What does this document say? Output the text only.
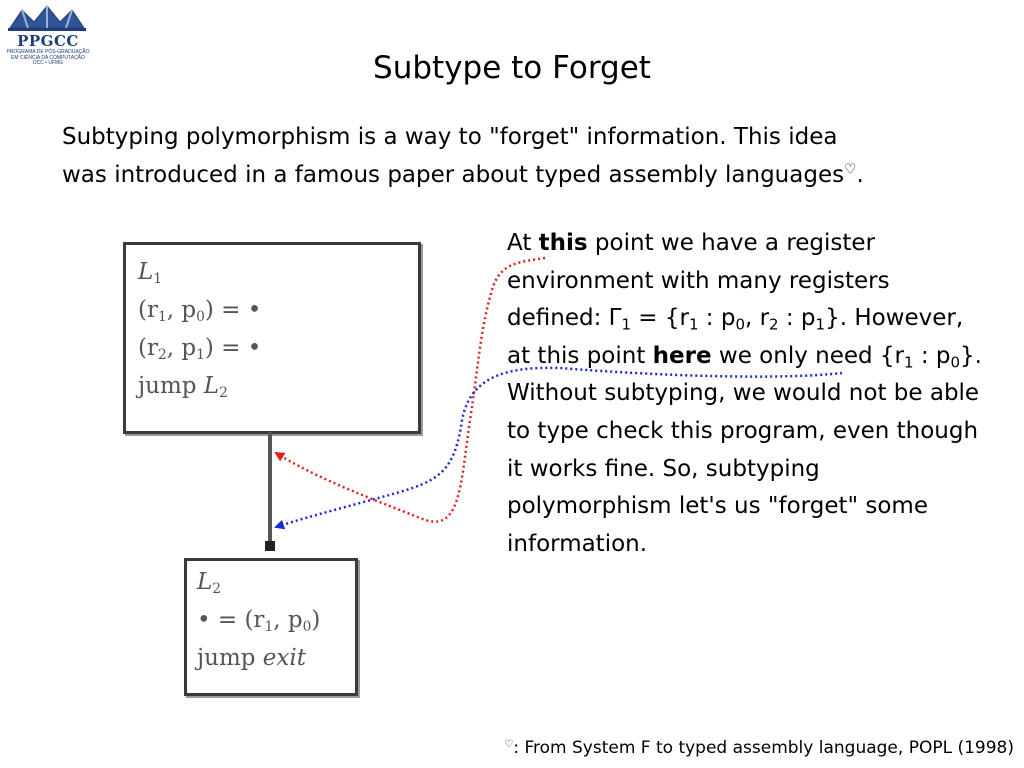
PPGCC
PROGRAMA DE PÓS-GRADUAÇÃO EM CIÊNCIA DA COMPUTAÇÃO DCC • UFMG	Subtype to Forget

Subtyping polymorphism is a way to "forget" information. This idea
was introduced in a famous paper about typed assembly languages♡.

$L_1$
($r_1$, $p_0$) = •
($r_2$, $p_1$) = •
jump $L_2$
$L_2$
• = ($r_1$, $p_0$)
jump exit

At this point we have a register environment with many registers defined: $\Gamma_1 = \{r_1$ : $p_0$, $r_2$ : $p_1$}. However, at this point here we only need {$r_1$ : $p_0$}. Without subtyping, we would not be able to type check this program, even though it works fine. So, subtyping polymorphism let's us "forget" some information.

♡: From System F to typed assembly language, POPL (1998)
